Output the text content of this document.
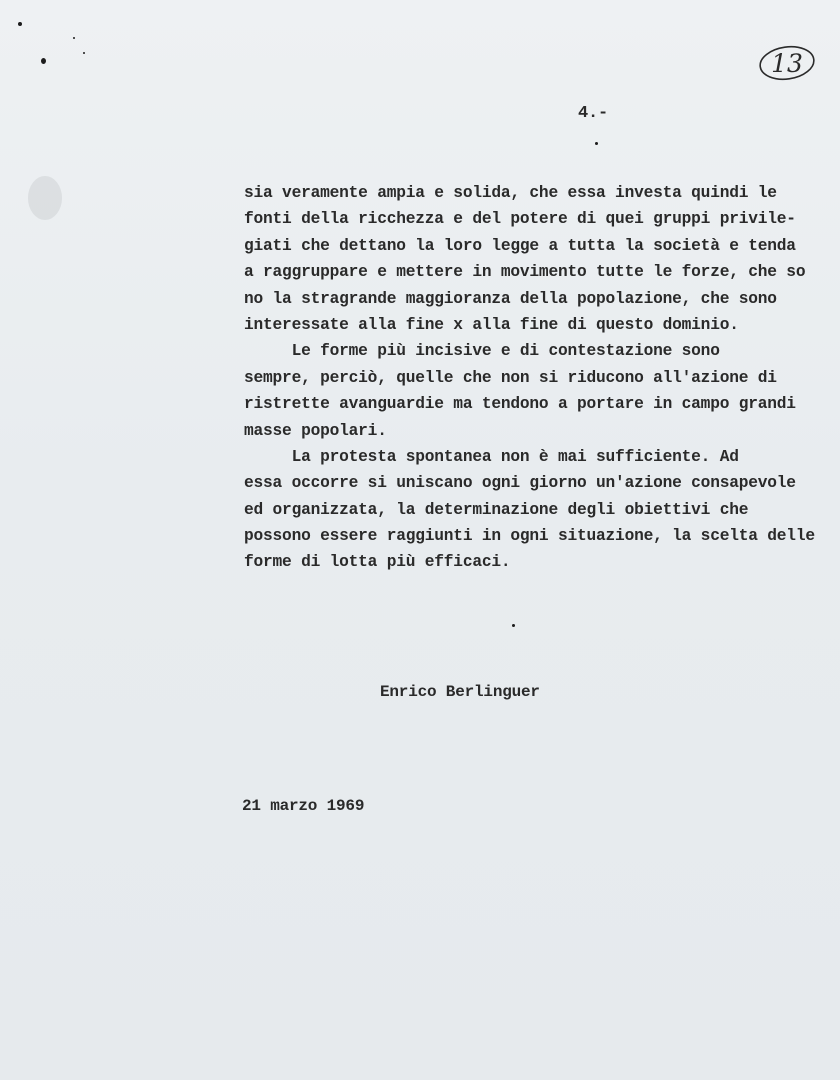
13
4.-
sia veramente ampia e solida, che essa investa quindi le
fonti della ricchezza e del potere di quei gruppi privile-
giati che dettano la loro legge a tutta la società e tenda
a raggruppare e mettere in movimento tutte le forze, che so
no la stragrande maggioranza della popolazione, che sono
interessate alla fine x alla fine di questo dominio.
Le forme più incisive e di contestazione sono
sempre, perciò, quelle che non si riducono all'azione di
ristrette avanguardie ma tendono a portare in campo grandi
masse popolari.
La protesta spontanea non è mai sufficiente. Ad
essa occorre si uniscano ogni giorno un'azione consapevole
ed organizzata, la determinazione degli obiettivi che
possono essere raggiunti in ogni situazione, la scelta delle
forme di lotta più efficaci.
Enrico Berlinguer
21 marzo 1969
